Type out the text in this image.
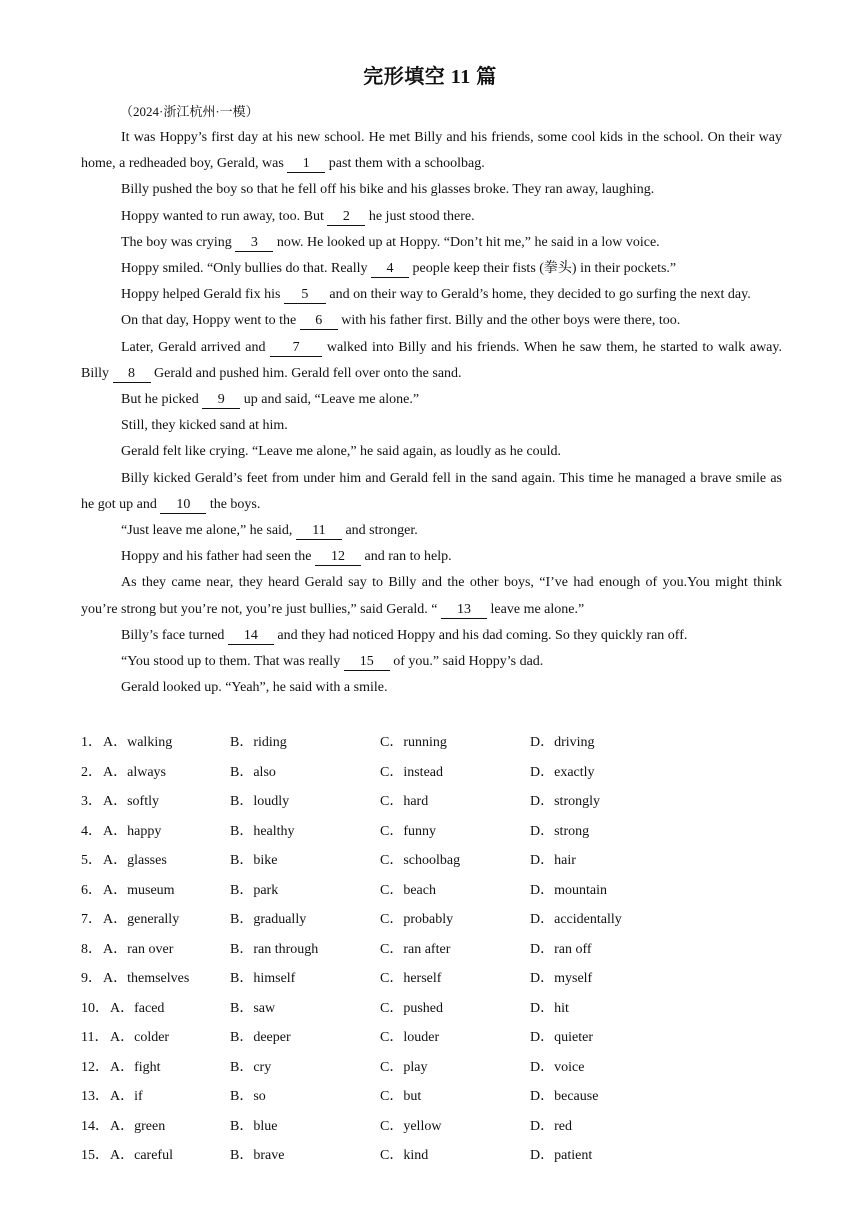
完形填空 11 篇
（2024·浙江杭州·一模）

It was Hoppy’s first day at his new school. He met Billy and his friends, some cool kids in the school. On their way home, a redheaded boy, Gerald, was 1 past them with a schoolbag.

Billy pushed the boy so that he fell off his bike and his glasses broke. They ran away, laughing.

Hoppy wanted to run away, too. But 2 he just stood there.

The boy was crying 3 now. He looked up at Hoppy. “Don’t hit me,” he said in a low voice.

Hoppy smiled. “Only bullies do that. Really 4 people keep their fists (拳头) in their pockets.”

Hoppy helped Gerald fix his 5 and on their way to Gerald’s home, they decided to go surfing the next day.

On that day, Hoppy went to the 6 with his father first. Billy and the other boys were there, too.

Later, Gerald arrived and 7 walked into Billy and his friends. When he saw them, he started to walk away. Billy 8 Gerald and pushed him. Gerald fell over onto the sand.

But he picked 9 up and said, “Leave me alone.”

Still, they kicked sand at him.

Gerald felt like crying. “Leave me alone,” he said again, as loudly as he could.

Billy kicked Gerald’s feet from under him and Gerald fell in the sand again. This time he managed a brave smile as he got up and 10 the boys.

“Just leave me alone,” he said, 11 and stronger.

Hoppy and his father had seen the 12 and ran to help.

As they came near, they heard Gerald say to Billy and the other boys, “I’ve had enough of you.You might think you’re strong but you’re not, you’re just bullies,” said Gerald. “ 13 leave me alone.”

Billy’s face turned 14 and they had noticed Hoppy and his dad coming. So they quickly ran off.

“You stood up to them. That was really 15 of you.” said Hoppy’s dad.

Gerald looked up. “Yeah”, he said with a smile.

1． A．walking	B．riding	C．running	D．driving
2． A．always	B．also	C．instead	D．exactly
3． A．softly	B．loudly	C．hard	D．strongly
4． A．happy	B．healthy	C．funny	D．strong
5． A．glasses	B．bike	C．schoolbag	D．hair
6． A．museum	B．park	C．beach	D．mountain
7． A．generally	B．gradually	C．probably	D．accidentally
8． A．ran over	B．ran through	C．ran after	D．ran off
9． A．themselves	B．himself	C．herself	D．myself
10． A．faced	B．saw	C．pushed	D．hit
11． A．colder	B．deeper	C．louder	D．quieter
12． A．fight	B．cry	C．play	D．voice
13． A．if	B．so	C．but	D．because
14． A．green	B．blue	C．yellow	D．red
15． A．careful	B．brave	C．kind	D．patient
